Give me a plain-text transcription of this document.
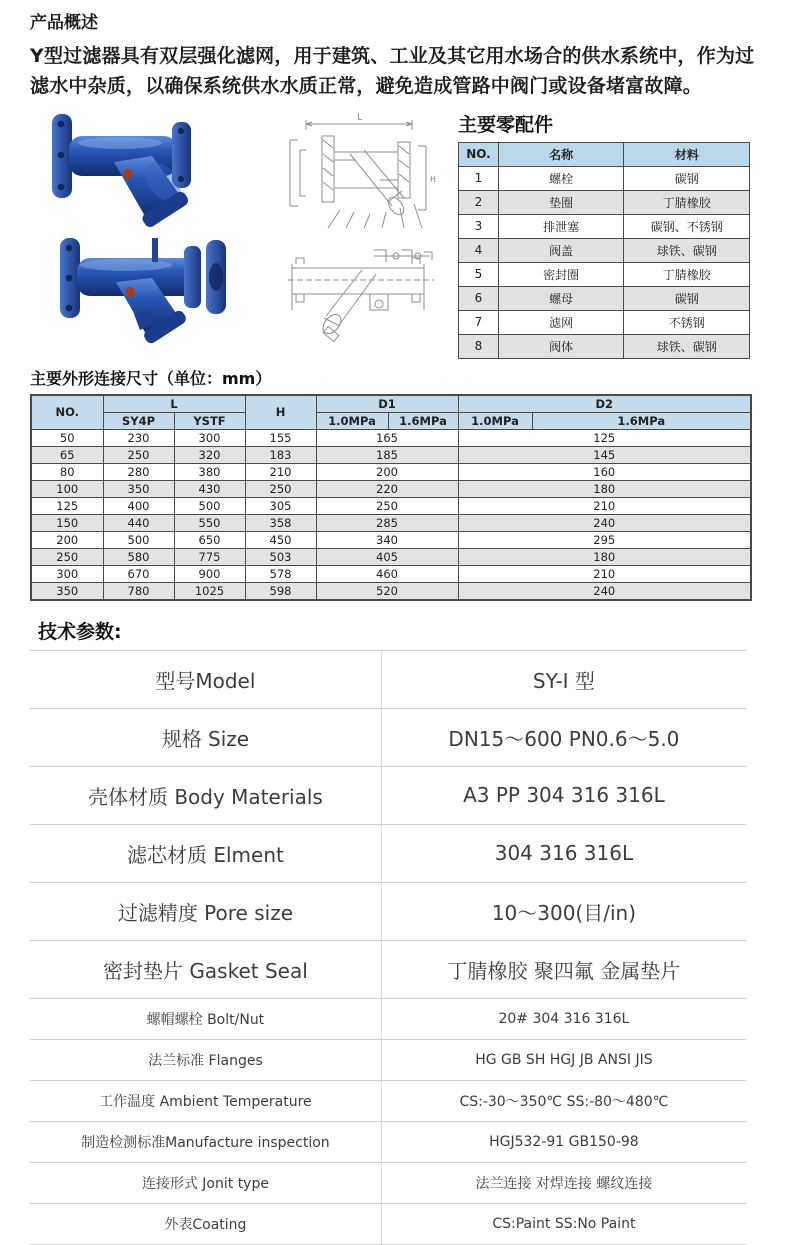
产品概述

Y型过滤器具有双层强化滤网，用于建筑、工业及其它用水场合的供水系统中，作为过滤水中杂质，以确保系统供水水质正常，避免造成管路中阀门或设备堵富故障。

L
H
主要零配件
NO.	名称	材料
1	螺栓	碳钢
2	垫圈	丁腈橡胶
3	排泄塞	碳钢、不锈钢
4	阀盖	球铁、碳钢
5	密封圈	丁腈橡胶
6	螺母	碳钢
7	滤网	不锈钢
8	阀体	球铁、碳钢
主要外形连接尺寸（单位：mm）
NO.	L		H	D1		D2	
	SY4P	YSTF		1.0MPa	1.6MPa	1.0MPa	1.6MPa
50	230	300	155	165		125	
65	250	320	183	185		145	
80	280	380	210	200		160	
100	350	430	250	220		180	
125	400	500	305	250		210	
150	440	550	358	285		240	
200	500	650	450	340		295	
250	580	775	503	405		180	
300	670	900	578	460		210	
350	780	1025	598	520		240	
技术参数:
型号Model	SY-I 型
规格 Size	DN15～600 PN0.6～5.0
壳体材质 Body Materials	A3 PP 304 316 316L
滤芯材质 Elment	304 316 316L
过滤精度 Pore size	10～300(目/in)
密封垫片 Gasket Seal	丁腈橡胶 聚四氟 金属垫片
螺帽螺栓 Bolt/Nut	20# 304 316 316L
法兰标准 Flanges	HG GB SH HGJ JB ANSI JIS
工作温度 Ambient Temperature	CS:-30～350℃ SS:-80～480℃
制造检测标准Manufacture inspection	HGJ532-91 GB150-98
连接形式 Jonit type	法兰连接 对焊连接 螺纹连接
外表Coating	CS:Paint SS:No Paint
